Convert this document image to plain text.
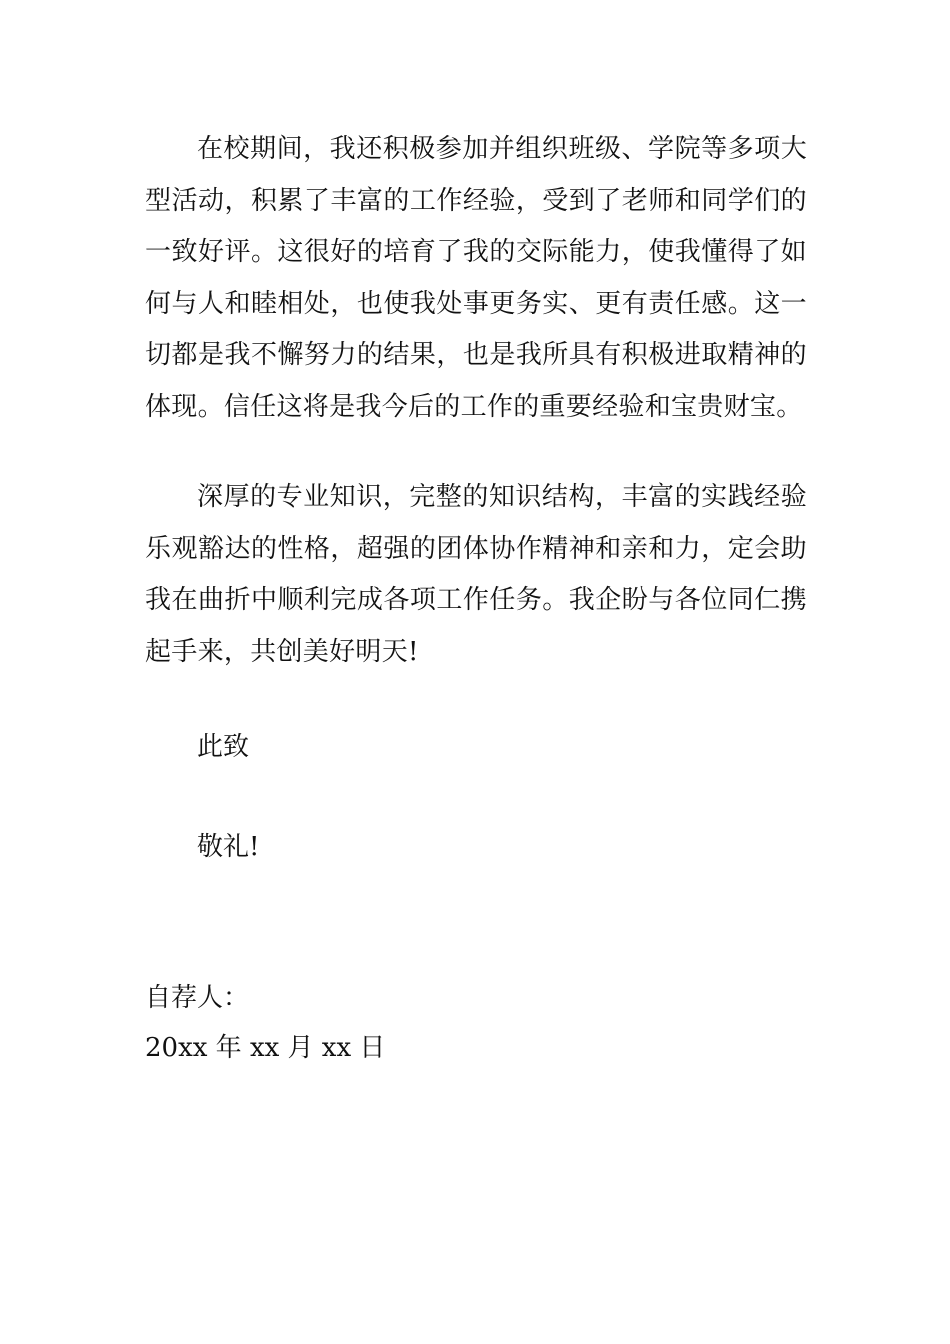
在校期间，我还积极参加并组织班级、学院等多项大型活动，积累了丰富的工作经验，受到了老师和同学们的一致好评。这很好的培育了我的交际能力，使我懂得了如何与人和睦相处，也使我处事更务实、更有责任感。这一切都是我不懈努力的结果，也是我所具有积极进取精神的体现。信任这将是我今后的工作的重要经验和宝贵财宝。

深厚的专业知识，完整的知识结构，丰富的实践经验乐观豁达的性格，超强的团体协作精神和亲和力，定会助我在曲折中顺利完成各项工作任务。我企盼与各位同仁携起手来，共创美好明天!

此致

敬礼!

自荐人：

20xx 年 xx 月 xx 日
